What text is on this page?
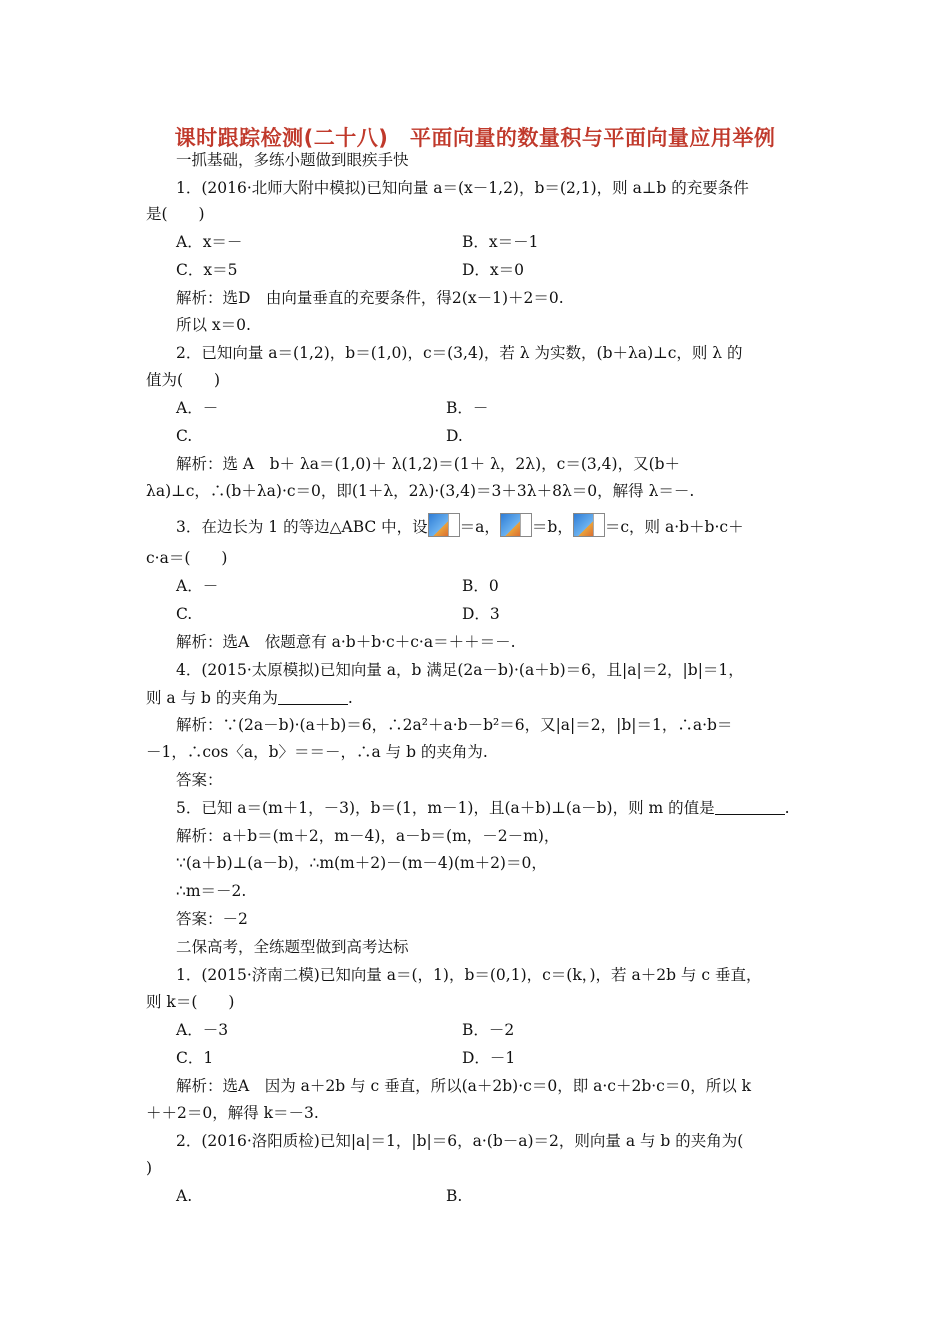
课时跟踪检测(二十八)　平面向量的数量积与平面向量应用举例
一抓基础，多练小题做到眼疾手快
1．(2016·北师大附中模拟)已知向量 a＝(x－1,2)，b＝(2,1)，则 a⊥b 的充要条件
是(　　)
A．x＝－	B．x＝－1
C．x＝5	D．x＝0
解析：选D　由向量垂直的充要条件，得2(x－1)＋2＝0.
所以 x＝0.
2．已知向量 a＝(1,2)，b＝(1,0)，c＝(3,4)，若 λ 为实数，(b＋λa)⊥c，则 λ 的
值为(　　)
A．－	B．－
C.	D.
解析：选 A　b＋ λa＝(1,0)＋ λ(1,2)＝(1＋ λ，2λ)，c＝(3,4)，又(b＋
λa)⊥c，∴(b＋λa)·c＝0，即(1＋λ，2λ)·(3,4)＝3＋3λ＋8λ＝0，解得 λ＝－.
3．在边长为 1 的等边△ABC 中，设 ＝a， ＝b， ＝c，则 a·b＋b·c＋
c·a＝(　　)
A．－	B．0
C.	D．3
解析：选A　依题意有 a·b＋b·c＋c·a＝＋＋＝－.
4．(2015·太原模拟)已知向量 a，b 满足(2a－b)·(a＋b)＝6，且|a|＝2，|b|＝1，
则 a 与 b 的夹角为	.
解析：∵(2a－b)·(a＋b)＝6，∴2a²＋a·b－b²＝6，又|a|＝2，|b|＝1，∴a·b＝
－1，∴cos〈a，b〉＝＝－，∴a 与 b 的夹角为.
答案：
5．已知 a＝(m＋1，－3)，b＝(1，m－1)，且(a＋b)⊥(a－b)，则 m 的值是	.
解析：a＋b＝(m＋2，m－4)，a－b＝(m，－2－m)，
∵(a＋b)⊥(a－b)，∴m(m＋2)－(m－4)(m＋2)＝0，
∴m＝－2.
答案：－2
二保高考，全练题型做到高考达标
1．(2015·济南二模)已知向量 a＝(，1)，b＝(0,1)，c＝(k，)，若 a＋2b 与 c 垂直，
则 k＝(　　)
A．－3	B．－2
C．1	D．－1
解析：选A　因为 a＋2b 与 c 垂直，所以(a＋2b)·c＝0，即 a·c＋2b·c＝0，所以 k
＋＋2＝0，解得 k＝－3.
2．(2016·洛阳质检)已知|a|＝1，|b|＝6，a·(b－a)＝2，则向量 a 与 b 的夹角为(
)
A.	B.
